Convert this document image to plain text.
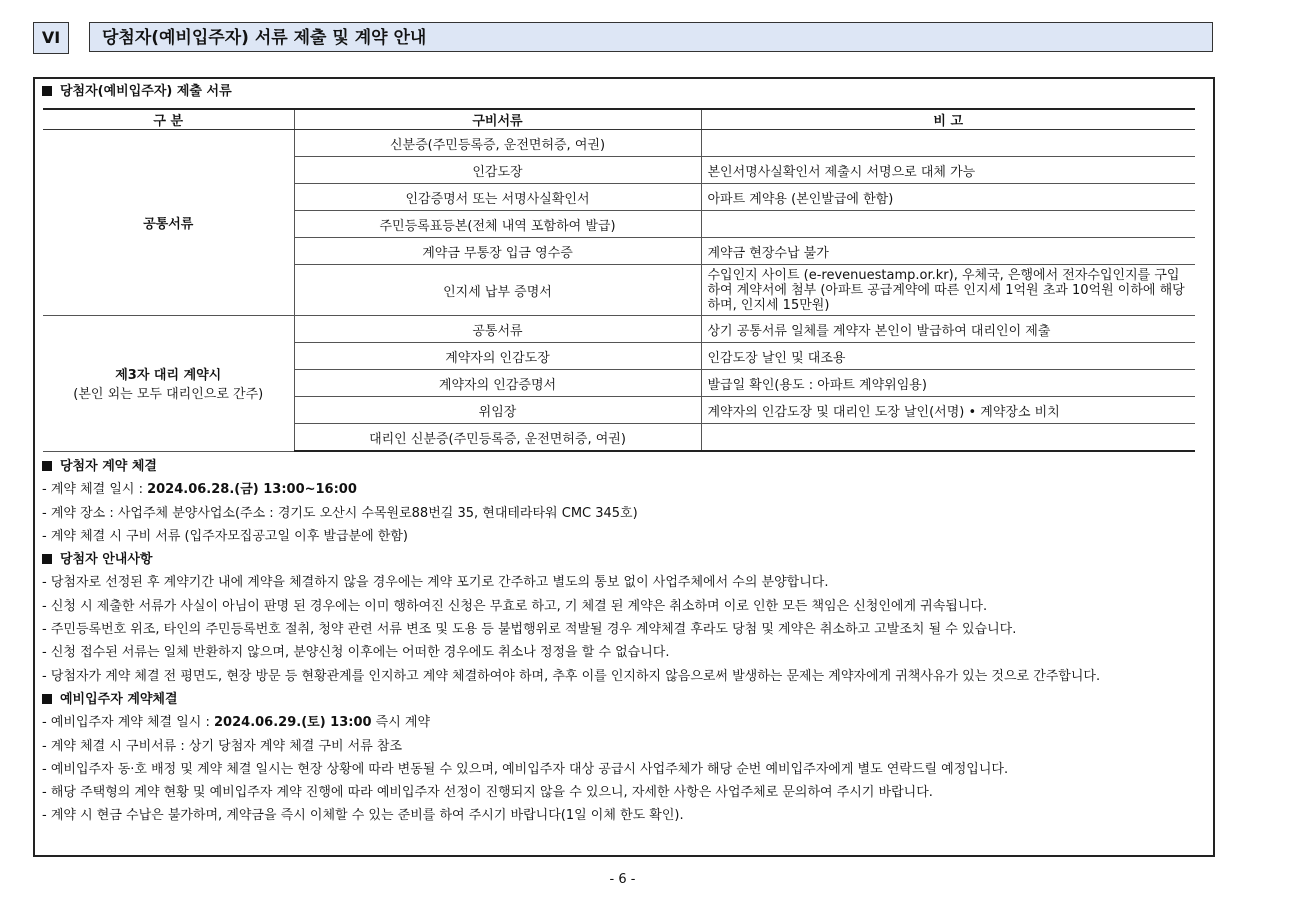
VI	당첨자(예비입주자) 서류 제출 및 계약 안내
당첨자(예비입주자) 제출 서류
구 분	구비서류	비 고

공통서류	신분증(주민등록증, 운전면허증, 여권)	
	인감도장	본인서명사실확인서 제출시 서명으로 대체 가능
	인감증명서 또는 서명사실확인서	아파트 계약용 (본인발급에 한함)
	주민등록표등본(전체 내역 포함하여 발급)	
	계약금 무통장 입금 영수증	계약금 현장수납 불가
	인지세 납부 증명서	수입인지 사이트 (e-revenuestamp.or.kr), 우체국, 은행에서 전자수입인지를 구입하여 계약서에 첨부 (아파트 공급계약에 따른 인지세 1억원 초과 10억원 이하에 해당하며, 인지세 15만원)

제3자 대리 계약시
(본인 외는 모두 대리인으로 간주)	공통서류	상기 공통서류 일체를 계약자 본인이 발급하여 대리인이 제출
	계약자의 인감도장	인감도장 날인 및 대조용
	계약자의 인감증명서	발급일 확인(용도 : 아파트 계약위임용)
	위임장	계약자의 인감도장 및 대리인 도장 날인(서명) • 계약장소 비치
	대리인 신분증(주민등록증, 운전면허증, 여권)	
당첨자 계약 체결
- 계약 체결 일시 : 2024.06.28.(금) 13:00~16:00
- 계약 장소 : 사업주체 분양사업소(주소 : 경기도 오산시 수목원로88번길 35, 현대테라타워 CMC 345호)
- 계약 체결 시 구비 서류 (입주자모집공고일 이후 발급분에 한함)
당첨자 안내사항
- 당첨자로 선정된 후 계약기간 내에 계약을 체결하지 않을 경우에는 계약 포기로 간주하고 별도의 통보 없이 사업주체에서 수의 분양합니다.
- 신청 시 제출한 서류가 사실이 아님이 판명 된 경우에는 이미 행하여진 신청은 무효로 하고, 기 체결 된 계약은 취소하며 이로 인한 모든 책임은 신청인에게 귀속됩니다.
- 주민등록번호 위조, 타인의 주민등록번호 절취, 청약 관련 서류 변조 및 도용 등 불법행위로 적발될 경우 계약체결 후라도 당첨 및 계약은 취소하고 고발조치 될 수 있습니다.
- 신청 접수된 서류는 일체 반환하지 않으며, 분양신청 이후에는 어떠한 경우에도 취소나 정정을 할 수 없습니다.
- 당첨자가 계약 체결 전 평면도, 현장 방문 등 현황관계를 인지하고 계약 체결하여야 하며, 추후 이를 인지하지 않음으로써 발생하는 문제는 계약자에게 귀책사유가 있는 것으로 간주합니다.
예비입주자 계약체결
- 예비입주자 계약 체결 일시 : 2024.06.29.(토) 13:00 즉시 계약
- 계약 체결 시 구비서류 : 상기 당첨자 계약 체결 구비 서류 참조
- 예비입주자 동·호 배정 및 계약 체결 일시는 현장 상황에 따라 변동될 수 있으며, 예비입주자 대상 공급시 사업주체가 해당 순번 예비입주자에게 별도 연락드릴 예정입니다.
- 해당 주택형의 계약 현황 및 예비입주자 계약 진행에 따라 예비입주자 선정이 진행되지 않을 수 있으니, 자세한 사항은 사업주체로 문의하여 주시기 바랍니다.
- 계약 시 현금 수납은 불가하며, 계약금을 즉시 이체할 수 있는 준비를 하여 주시기 바랍니다(1일 이체 한도 확인).
- 6 -
